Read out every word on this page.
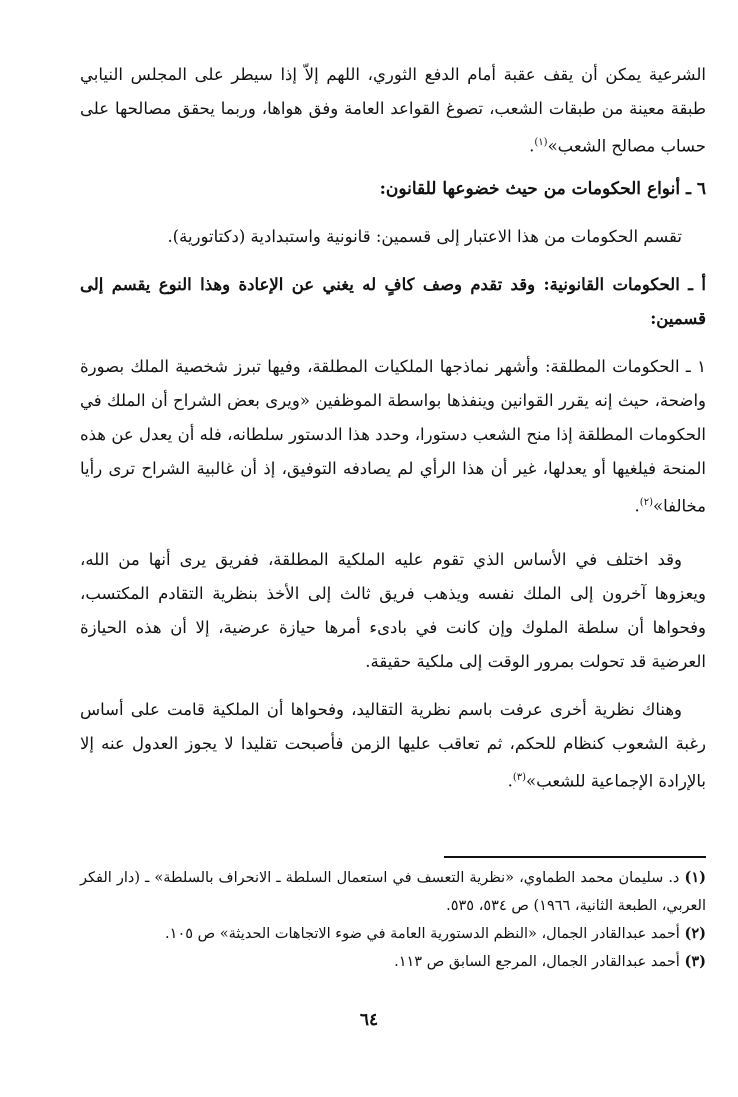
الشرعية يمكن أن يقف عقبة أمام الدفع الثوري، اللهم إلاّ إذا سيطر على المجلس النيابي طبقة معينة من طبقات الشعب، تصوغ القواعد العامة وفق هواها، وربما يحقق مصالحها على حساب مصالح الشعب»$^{(١)}$.

٦ ـ أنواع الحكومات من حيث خضوعها للقانون:

تقسم الحكومات من هذا الاعتبار إلى قسمين: قانونية واستبدادية (دكتاتورية).

أ ـ الحكومات القانونية: وقد تقدم وصف كافٍ له يغني عن الإعادة وهذا النوع يقسم إلى قسمين:

١ ـ الحكومات المطلقة: وأشهر نماذجها الملكيات المطلقة، وفيها تبرز شخصية الملك بصورة واضحة، حيث إنه يقرر القوانين وينفذها بواسطة الموظفين «ويرى بعض الشراح أن الملك في الحكومات المطلقة إذا منح الشعب دستورا، وحدد هذا الدستور سلطانه، فله أن يعدل عن هذه المنحة فيلغيها أو يعدلها، غير أن هذا الرأي لم يصادفه التوفيق، إذ أن غالبية الشراح ترى رأيا مخالفا»$^{(٢)}$.

وقد اختلف في الأساس الذي تقوم عليه الملكية المطلقة، ففريق يرى أنها من الله، ويعزوها آخرون إلى الملك نفسه ويذهب فريق ثالث إلى الأخذ بنظرية التقادم المكتسب، وفحواها أن سلطة الملوك وإن كانت في بادىء أمرها حيازة عرضية، إلا أن هذه الحيازة العرضية قد تحولت بمرور الوقت إلى ملكية حقيقة.

وهناك نظرية أخرى عرفت باسم نظرية التقاليد، وفحواها أن الملكية قامت على أساس رغبة الشعوب كنظام للحكم، ثم تعاقب عليها الزمن فأصبحت تقليدا لا يجوز العدول عنه إلا بالإرادة الإجماعية للشعب»$^{(٣)}$.

(١) د. سليمان محمد الطماوي، «نظرية التعسف في استعمال السلطة ـ الانحراف بالسلطة» ـ (دار الفكر العربي، الطبعة الثانية، ١٩٦٦) ص ٥٣٤، ٥٣٥.

(٢) أحمد عبدالقادر الجمال، «النظم الدستورية العامة في ضوء الاتجاهات الحديثة» ص ١٠٥.

(٣) أحمد عبدالقادر الجمال، المرجع السابق ص ١١٣.

٦٤
